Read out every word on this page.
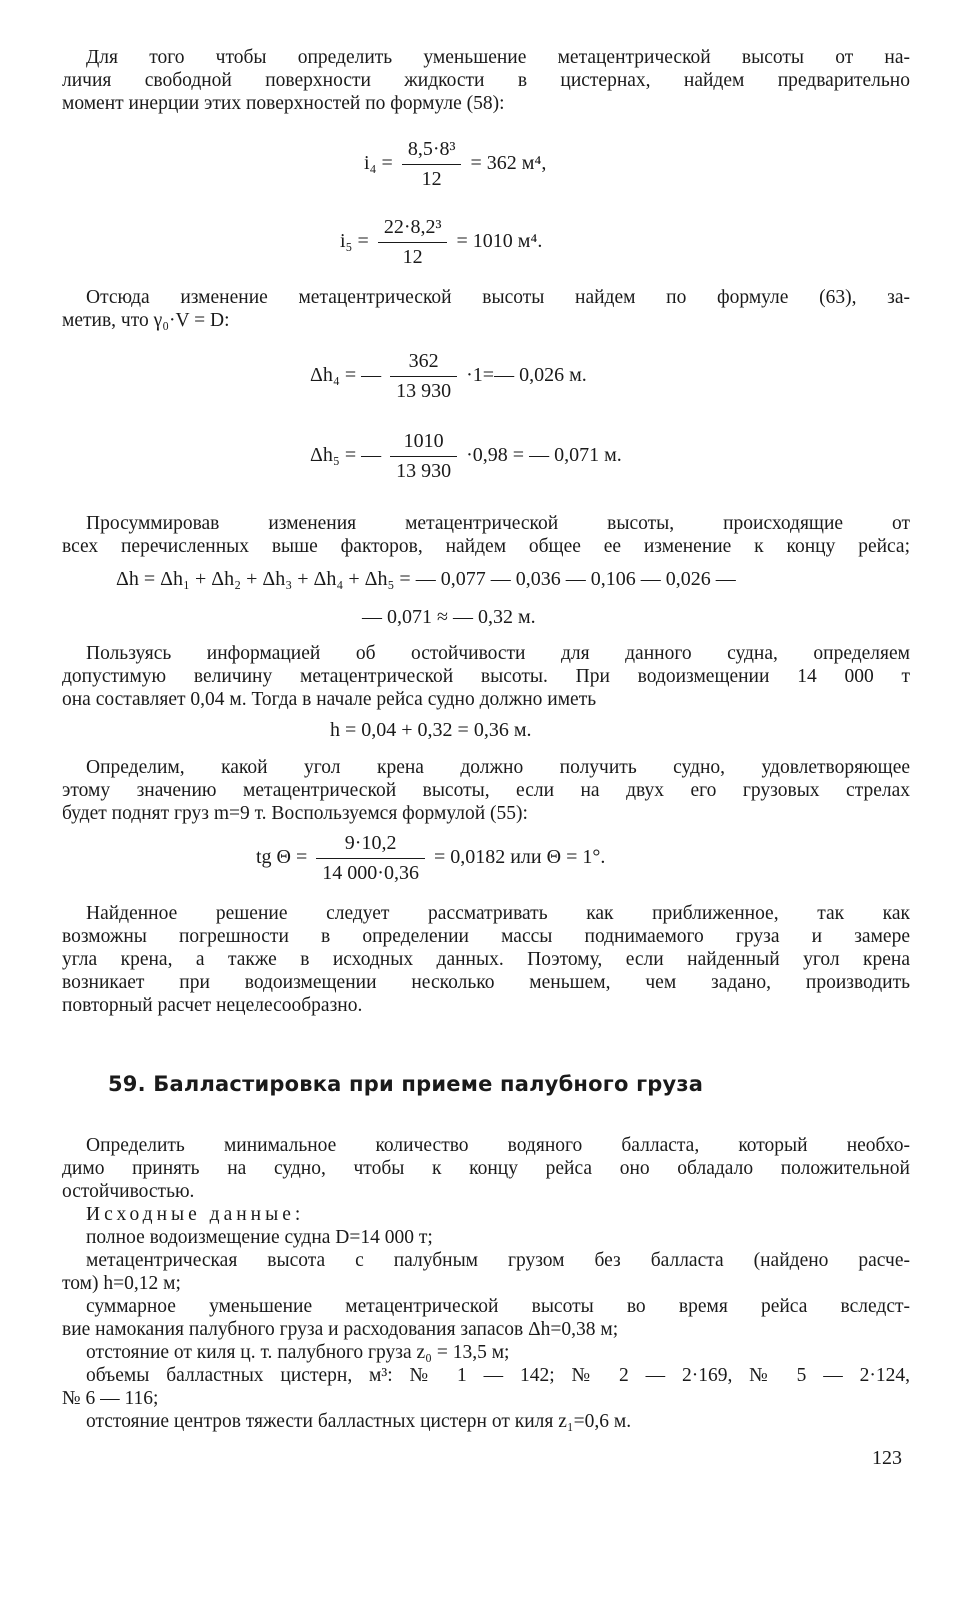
Для того чтобы определить уменьшение метацентрической высоты от на-
личия свободной поверхности жидкости в цистернах, найдем предварительно
момент инерции этих поверхностей по формуле (58):
$i_4 = \frac{\text{8,5·8³}}{12} = 362$ м⁴,
$i_5 = \frac{\text{22·8,2³}}{12} = 1010$ м⁴.
Отсюда изменение метацентрической высоты найдем по формуле (63), за-
метив, что γ₀·V = D:
Δh₄ = — $\frac{362}{13 930}$ ·1=— 0,026 м.
Δh₅ = — $\frac{1010}{13 930} \cdot 0,98$ = — 0,071 м.
Просуммировав изменения метацентрической высоты, происходящие от
всех перечисленных выше факторов, найдем общее ее изменение к концу рейса;
Δh = Δh₁ + Δh₂ + Δh₃ + Δh₄ + Δh₅ = — 0,077 — 0,036 — 0,106 — 0,026 —
— 0,071 ≈ — 0,32 м.
Пользуясь информацией об остойчивости для данного судна, определяем
допустимую величину метацентрической высоты. При водоизмещении 14 000 т
она составляет 0,04 м. Тогда в начале рейса судно должно иметь
h = 0,04 + 0,32 = 0,36 м.
Определим, какой угол крена должно получить судно, удовлетворяющее
этому значению метацентрической высоты, если на двух его грузовых стрелах
будет поднят груз m=9 т. Воспользуемся формулой (55):
tg $\Theta = \frac{9\cdot 10,2}{14 000\cdot 0,36} = 0,0182$ или Θ = 1°.
Найденное решение следует рассматривать как приближенное, так как
возможны погрешности в определении массы поднимаемого груза и замере
угла крена, а также в исходных данных. Поэтому, если найденный угол крена
возникает при водоизмещении несколько меньшем, чем задано, производить
повторный расчет нецелесообразно.
59. Балластировка при приеме палубного груза
Определить минимальное количество водяного балласта, который необхо-
димо принять на судно, чтобы к концу рейса оно обладало положительной
остойчивостью.
Исходные данные:
полное водоизмещение судна D=14 000 т;
метацентрическая высота с палубным грузом без балласта (найдено расче-
том) h=0,12 м;
суммарное уменьшение метацентрической высоты во время рейса вследст-
вие намокания палубного груза и расходования запасов Δh=0,38 м;
отстояние от киля ц. т. палубного груза z₀ = 13,5 м;
объемы балластных цистерн, м³: № 1 — 142; № 2 — 2·169, № 5 — 2·124,
№ 6 — 116;
отстояние центров тяжести балластных цистерн от киля z₁=0,6 м.
123
